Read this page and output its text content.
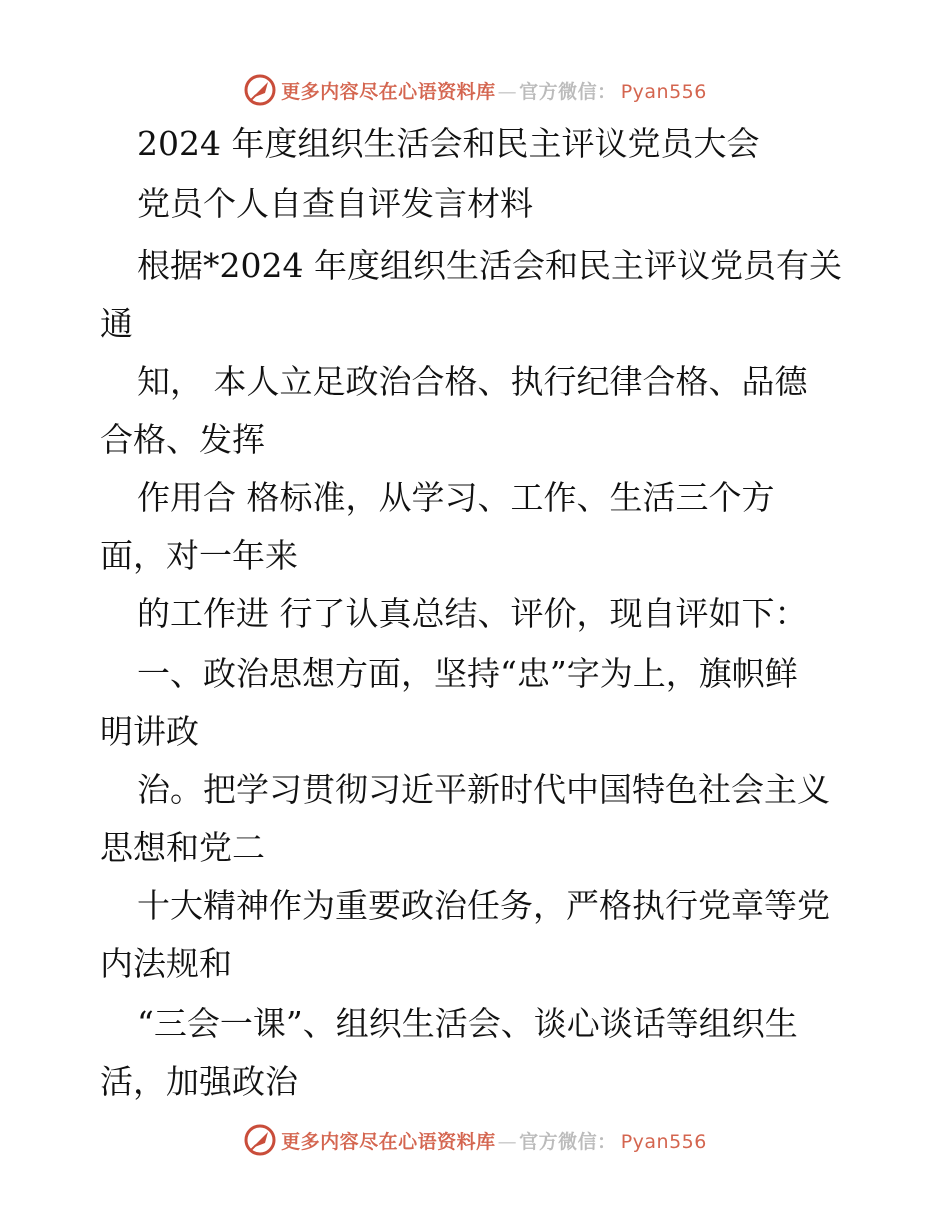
更多内容尽在心语资料库 — 官方微信： Pyan556
2024 年度组织生活会和民主评议党员大会
党员个人自查自评发言材料
根据*2024 年度组织生活会和民主评议党员有关
通
知， 本人立足政治合格、执行纪律合格、品德
合格、发挥
作用合 格标准，从学习、工作、生活三个方
面，对一年来
的工作进 行了认真总结、评价，现自评如下：
一、政治思想方面，坚持“忠”字为上，旗帜鲜
明讲政
治。把学习贯彻习近平新时代中国特色社会主义
思想和党二
十大精神作为重要政治任务，严格执行党章等党
内法规和
“三会一课”、组织生活会、谈心谈话等组织生
活，加强政治
更多内容尽在心语资料库 — 官方微信： Pyan556
